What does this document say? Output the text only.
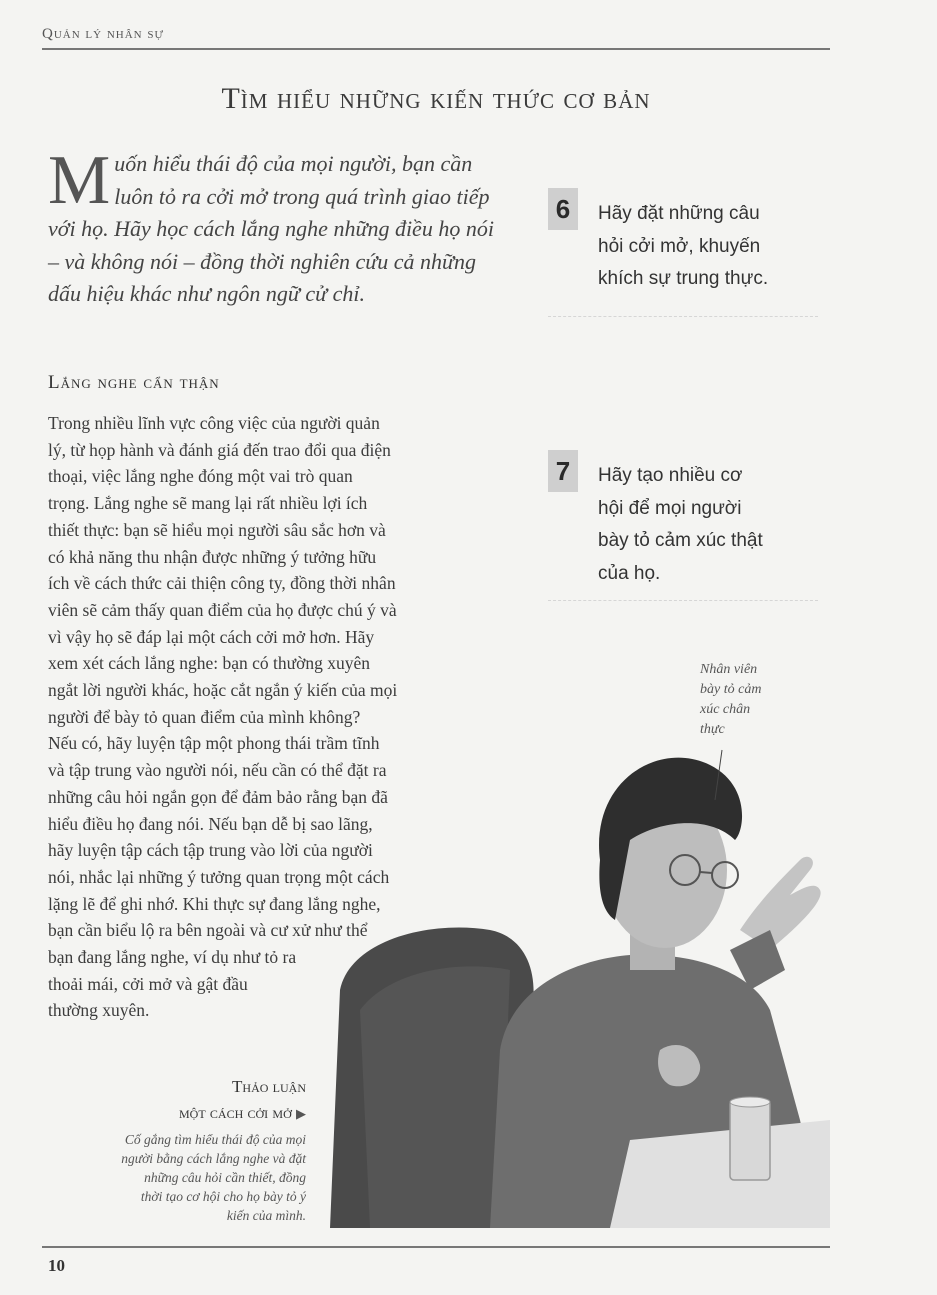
Quản lý nhân sự
Tìm hiểu những kiến thức cơ bản

Muốn hiểu thái độ của mọi người, bạn cần luôn tỏ ra cởi mở trong quá trình giao tiếp với họ. Hãy học cách lắng nghe những điều họ nói – và không nói – đồng thời nghiên cứu cả những dấu hiệu khác như ngôn ngữ cử chỉ.

Lắng nghe cẩn thận
Trong nhiều lĩnh vực công việc của người quản
lý, từ họp hành và đánh giá đến trao đổi qua điện
thoại, việc lắng nghe đóng một vai trò quan
trọng. Lắng nghe sẽ mang lại rất nhiều lợi ích
thiết thực: bạn sẽ hiểu mọi người sâu sắc hơn và
có khả năng thu nhận được những ý tưởng hữu
ích về cách thức cải thiện công ty, đồng thời nhân
viên sẽ cảm thấy quan điểm của họ được chú ý và
vì vậy họ sẽ đáp lại một cách cởi mở hơn. Hãy
xem xét cách lắng nghe: bạn có thường xuyên
ngắt lời người khác, hoặc cắt ngắn ý kiến của mọi
người để bày tỏ quan điểm của mình không?
Nếu có, hãy luyện tập một phong thái trầm tĩnh
và tập trung vào người nói, nếu cần có thể đặt ra
những câu hỏi ngắn gọn để đảm bảo rằng bạn đã
hiểu điều họ đang nói. Nếu bạn dễ bị sao lãng,
hãy luyện tập cách tập trung vào lời của người
nói, nhắc lại những ý tưởng quan trọng một cách
lặng lẽ để ghi nhớ. Khi thực sự đang lắng nghe,
bạn cần biểu lộ ra bên ngoài và cư xử như thể
bạn đang lắng nghe, ví dụ như tỏ ra
thoải mái, cởi mở và gật đầu
thường xuyên.
6	Hãy đặt những câu
hỏi cởi mở, khuyến
khích sự trung thực.

7	Hãy tạo nhiều cơ
hội để mọi người
bày tỏ cảm xúc thật
của họ.

Nhân viên
bày tỏ cảm
xúc chân
thực

Thảo luận
một cách cởi mở ▶

Cố gắng tìm hiểu thái độ của mọi
người bằng cách lắng nghe và đặt
những câu hỏi cần thiết, đồng
thời tạo cơ hội cho họ bày tỏ ý
kiến của mình.

10
